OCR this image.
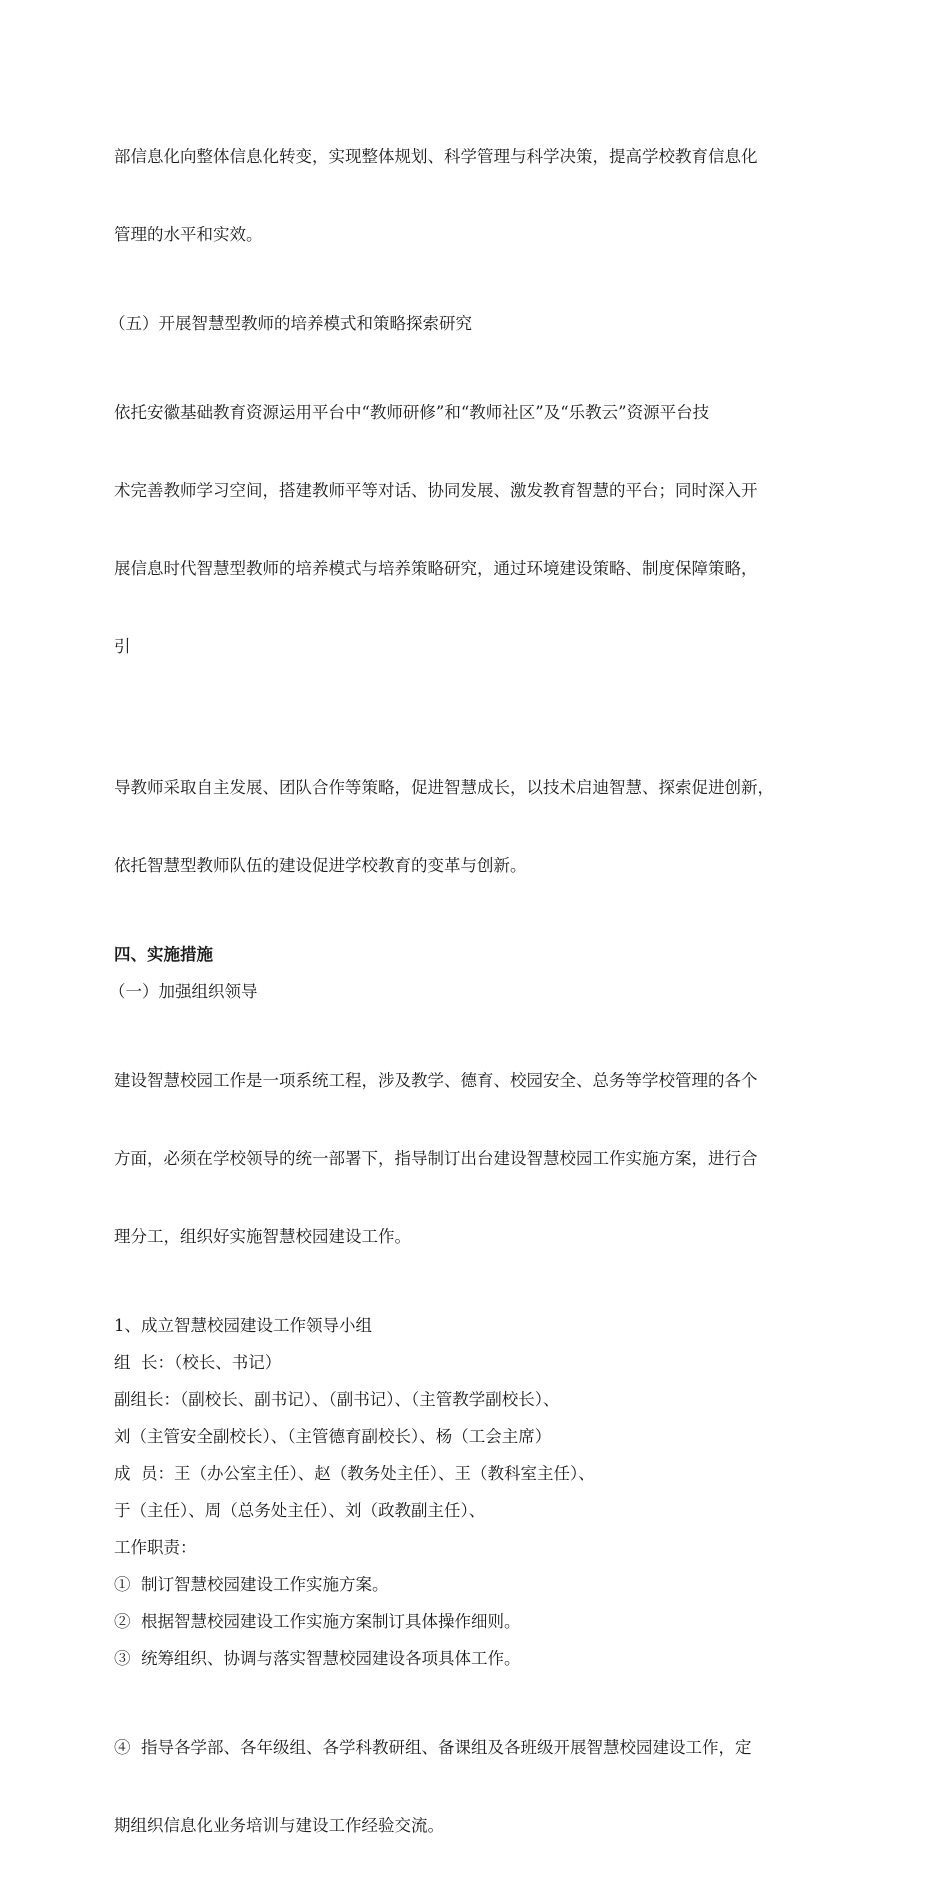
部信息化向整体信息化转变，实现整体规划、科学管理与科学决策，提高学校教育信息化

管理的水平和实效。

（五）开展智慧型教师的培养模式和策略探索研究

依托安徽基础教育资源运用平台中“教师研修”和“教师社区”及“乐教云”资源平台技

术完善教师学习空间，搭建教师平等对话、协同发展、激发教育智慧的平台；同时深入开

展信息时代智慧型教师的培养模式与培养策略研究，通过环境建设策略、制度保障策略，

引

导教师采取自主发展、团队合作等策略，促进智慧成长，以技术启迪智慧、探索促进创新，

依托智慧型教师队伍的建设促进学校教育的变革与创新。

四、实施措施
（一）加强组织领导

建设智慧校园工作是一项系统工程，涉及教学、德育、校园安全、总务等学校管理的各个

方面，必须在学校领导的统一部署下，指导制订出台建设智慧校园工作实施方案，进行合

理分工，组织好实施智慧校园建设工作。

1、成立智慧校园建设工作领导小组
组  长：（校长、书记）
副组长：（副校长、副书记）、（副书记）、（主管教学副校长）、
刘（主管安全副校长）、（主管德育副校长）、杨（工会主席）
成  员：王（办公室主任）、赵（教务处主任）、王（教科室主任）、
于（主任）、周（总务处主任）、刘（政教副主任）、
工作职责：
①  制订智慧校园建设工作实施方案。
②  根据智慧校园建设工作实施方案制订具体操作细则。
③  统筹组织、协调与落实智慧校园建设各项具体工作。

④  指导各学部、各年级组、各学科教研组、备课组及各班级开展智慧校园建设工作，定

期组织信息化业务培训与建设工作经验交流。
